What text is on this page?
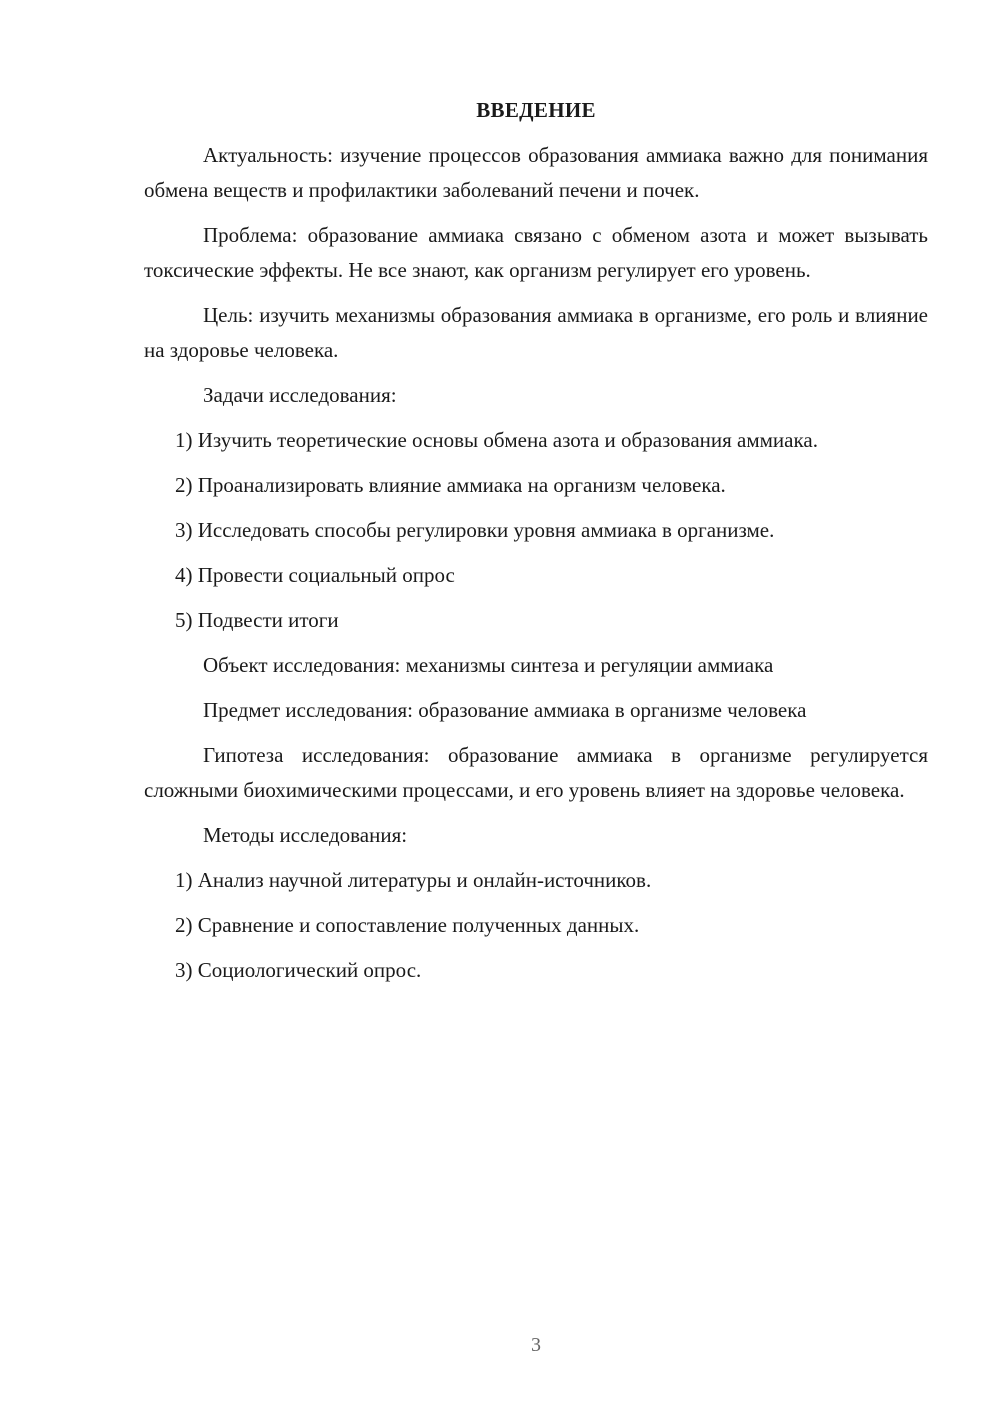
ВВЕДЕНИЕ

Актуальность: изучение процессов образования аммиака важно для понимания обмена веществ и профилактики заболеваний печени и почек.

Проблема: образование аммиака связано с обменом азота и может вызывать токсические эффекты. Не все знают, как организм регулирует его уровень.

Цель: изучить механизмы образования аммиака в организме, его роль и влияние на здоровье человека.

Задачи исследования:

1) Изучить теоретические основы обмена азота и образования аммиака.

2) Проанализировать влияние аммиака на организм человека.

3) Исследовать способы регулировки уровня аммиака в организме.

4) Провести социальный опрос

5) Подвести итоги

Объект исследования: механизмы синтеза и регуляции аммиака

Предмет исследования: образование аммиака в организме человека

Гипотеза исследования: образование аммиака в организме регулируется сложными биохимическими процессами, и его уровень влияет на здоровье человека.

Методы исследования:

1) Анализ научной литературы и онлайн-источников.

2) Сравнение и сопоставление полученных данных.

3) Социологический опрос.

3
